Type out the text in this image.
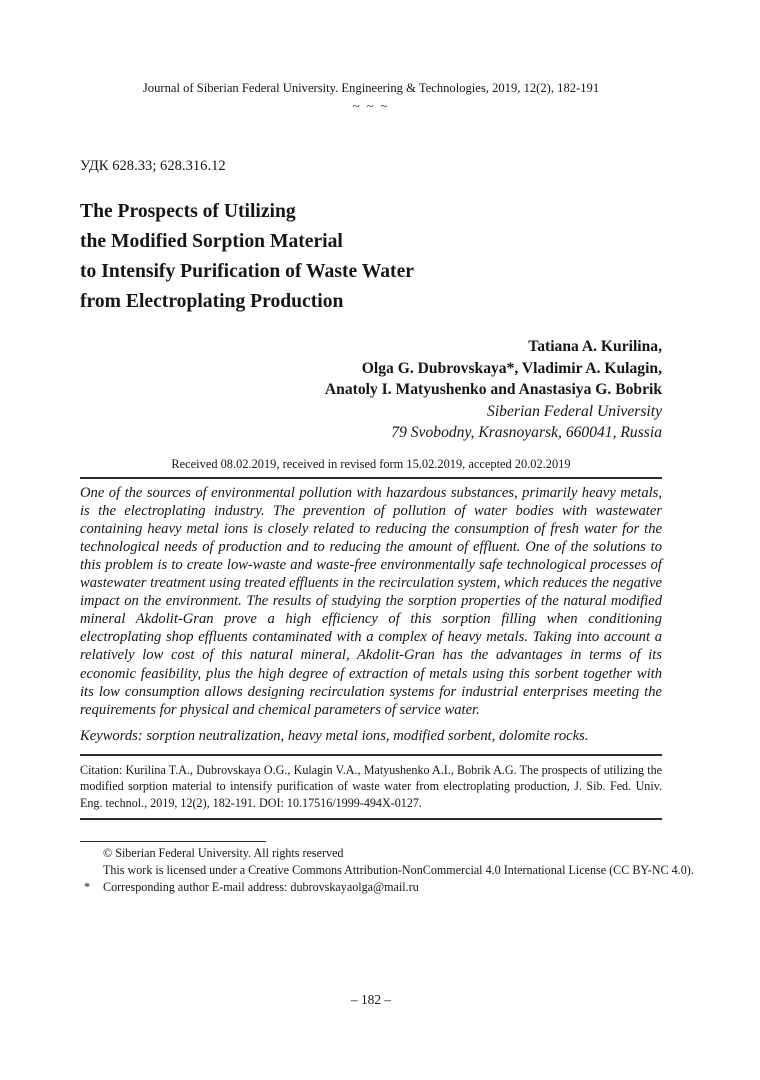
Journal of Siberian Federal University. Engineering & Technologies, 2019, 12(2), 182-191
~ ~ ~
УДК 628.33; 628.316.12
The Prospects of Utilizing
the Modified Sorption Material
to Intensify Purification of Waste Water
from Electroplating Production
Tatiana A. Kurilina,
Olga G. Dubrovskaya*, Vladimir A. Kulagin,
Anatoly I. Matyushenko and Anastasiya G. Bobrik
Siberian Federal University
79 Svobodny, Krasnoyarsk, 660041, Russia
Received 08.02.2019, received in revised form 15.02.2019, accepted 20.02.2019
One of the sources of environmental pollution with hazardous substances, primarily heavy metals, is the electroplating industry. The prevention of pollution of water bodies with wastewater containing heavy metal ions is closely related to reducing the consumption of fresh water for the technological needs of production and to reducing the amount of effluent. One of the solutions to this problem is to create low-waste and waste-free environmentally safe technological processes of wastewater treatment using treated effluents in the recirculation system, which reduces the negative impact on the environment. The results of studying the sorption properties of the natural modified mineral Akdolit-Gran prove a high efficiency of this sorption filling when conditioning electroplating shop effluents contaminated with a complex of heavy metals. Taking into account a relatively low cost of this natural mineral, Akdolit-Gran has the advantages in terms of its economic feasibility, plus the high degree of extraction of metals using this sorbent together with its low consumption allows designing recirculation systems for industrial enterprises meeting the requirements for physical and chemical parameters of service water.
Keywords: sorption neutralization, heavy metal ions, modified sorbent, dolomite rocks.
Citation: Kurilina T.A., Dubrovskaya O.G., Kulagin V.A., Matyushenko A.I., Bobrik A.G. The prospects of utilizing the modified sorption material to intensify purification of waste water from electroplating production, J. Sib. Fed. Univ. Eng. technol., 2019, 12(2), 182-191. DOI: 10.17516/1999-494X-0127.
© Siberian Federal University. All rights reserved
This work is licensed under a Creative Commons Attribution-NonCommercial 4.0 International License (CC BY-NC 4.0).
* Corresponding author E-mail address: dubrovskayaolga@mail.ru
– 182 –
